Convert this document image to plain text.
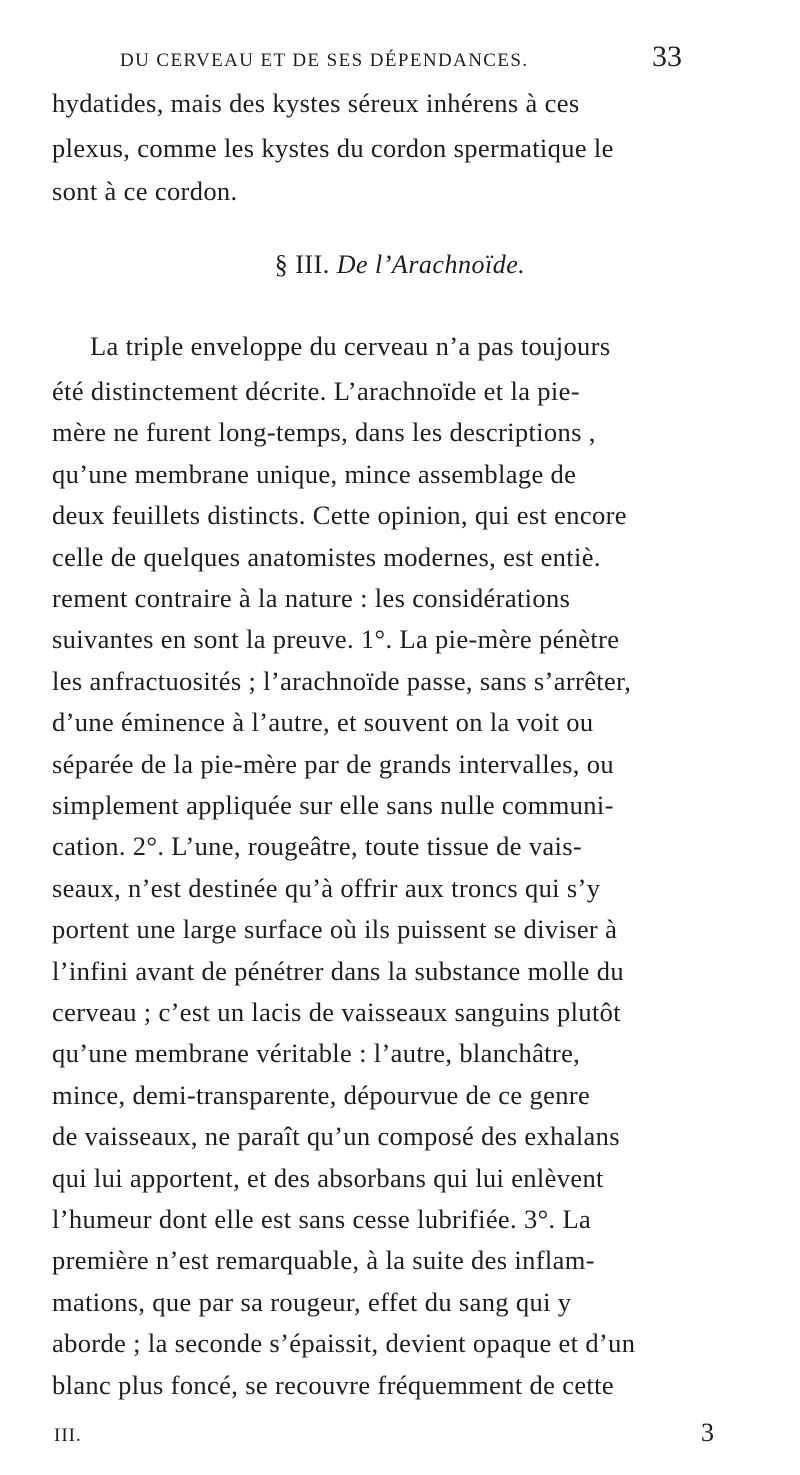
DU CERVEAU ET DE SES DÉPENDANCES.	33
hydatides, mais des kystes séreux inhérens à ces
plexus, comme les kystes du cordon spermatique le
sont à ce cordon.
§ III. De l’Arachnoïde.
La triple enveloppe du cerveau n’a pas toujours
été distinctement décrite. L’arachnoïde et la pie-
mère ne furent long-temps, dans les descriptions ,
qu’une membrane unique, mince assemblage de
deux feuillets distincts. Cette opinion, qui est encore
celle de quelques anatomistes modernes, est entiè.
rement contraire à la nature : les considérations
suivantes en sont la preuve. 1°. La pie-mère pénètre
les anfractuosités ; l’arachnoïde passe, sans s’arrêter,
d’une éminence à l’autre, et souvent on la voit ou
séparée de la pie-mère par de grands intervalles, ou
simplement appliquée sur elle sans nulle communi-
cation. 2°. L’une, rougeâtre, toute tissue de vais-
seaux, n’est destinée qu’à offrir aux troncs qui s’y
portent une large surface où ils puissent se diviser à
l’infini avant de pénétrer dans la substance molle du
cerveau ; c’est un lacis de vaisseaux sanguins plutôt
qu’une membrane véritable : l’autre, blanchâtre,
mince, demi-transparente, dépourvue de ce genre
de vaisseaux, ne paraît qu’un composé des exhalans
qui lui apportent, et des absorbans qui lui enlèvent
l’humeur dont elle est sans cesse lubrifiée. 3°. La
première n’est remarquable, à la suite des inflam-
mations, que par sa rougeur, effet du sang qui y
aborde ; la seconde s’épaissit, devient opaque et d’un
blanc plus foncé, se recouvre fréquemment de cette
III.	3
